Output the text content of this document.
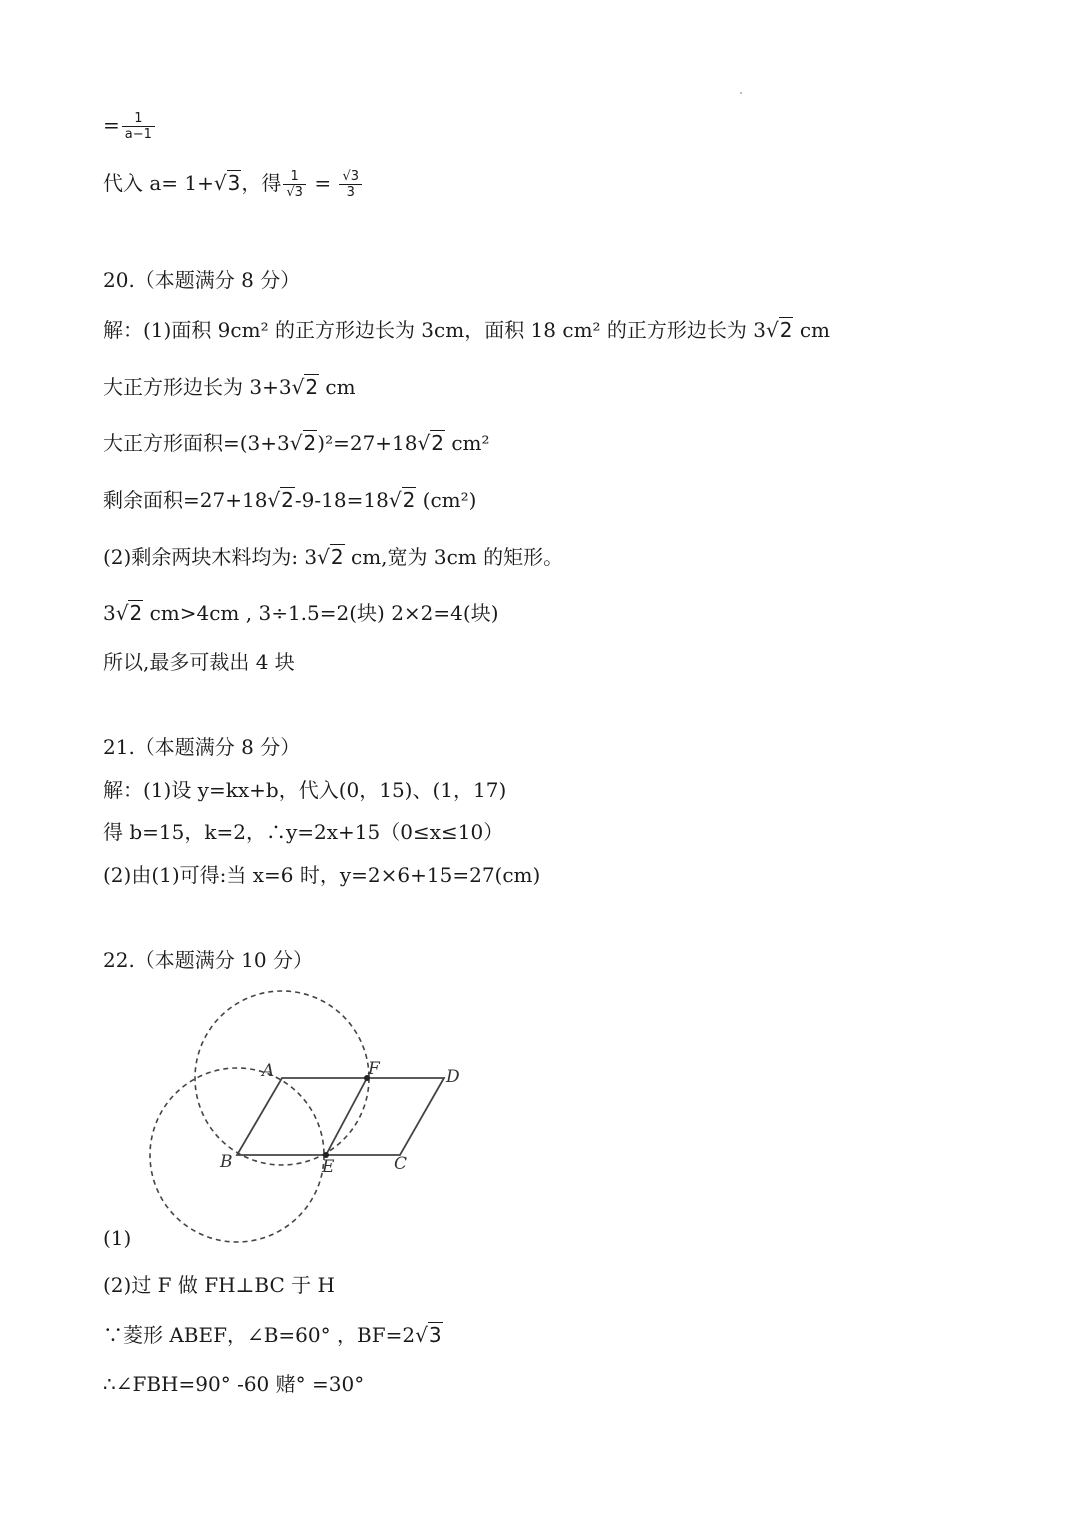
= $\frac{1}{a-1}$
代入 a= 1+√3，得 $\frac{1}{√3} = \frac{√3}{3}$
20.（本题满分 8 分）
解：(1)面积 9cm² 的正方形边长为 3cm，面积 18 cm² 的正方形边长为 3√2 cm
大正方形边长为 3+3√2 cm
大正方形面积=(3+3√2)²=27+18√2 cm²
剩余面积=27+18√2-9-18=18√2 (cm²)
(2)剩余两块木料均为: 3√2 cm,宽为 3cm 的矩形。
3√2 cm>4cm , 3÷1.5=2(块) 2×2=4(块)
所以,最多可裁出 4 块
21.（本题满分 8 分）
解：(1)设 y=kx+b，代入(0，15)、(1，17)
得 b=15，k=2，∴y=2x+15（0≤x≤10）
(2)由(1)可得:当 x=6 时，y=2×6+15=27(cm)
22.（本题满分 10 分）
A	F	D
B	E	C
(1)
(2)过 F 做 FH⊥BC 于 H
∵菱形 ABEF，∠B=60° ，BF=2√3
∴∠FBH=90° -60 赌° =30°
